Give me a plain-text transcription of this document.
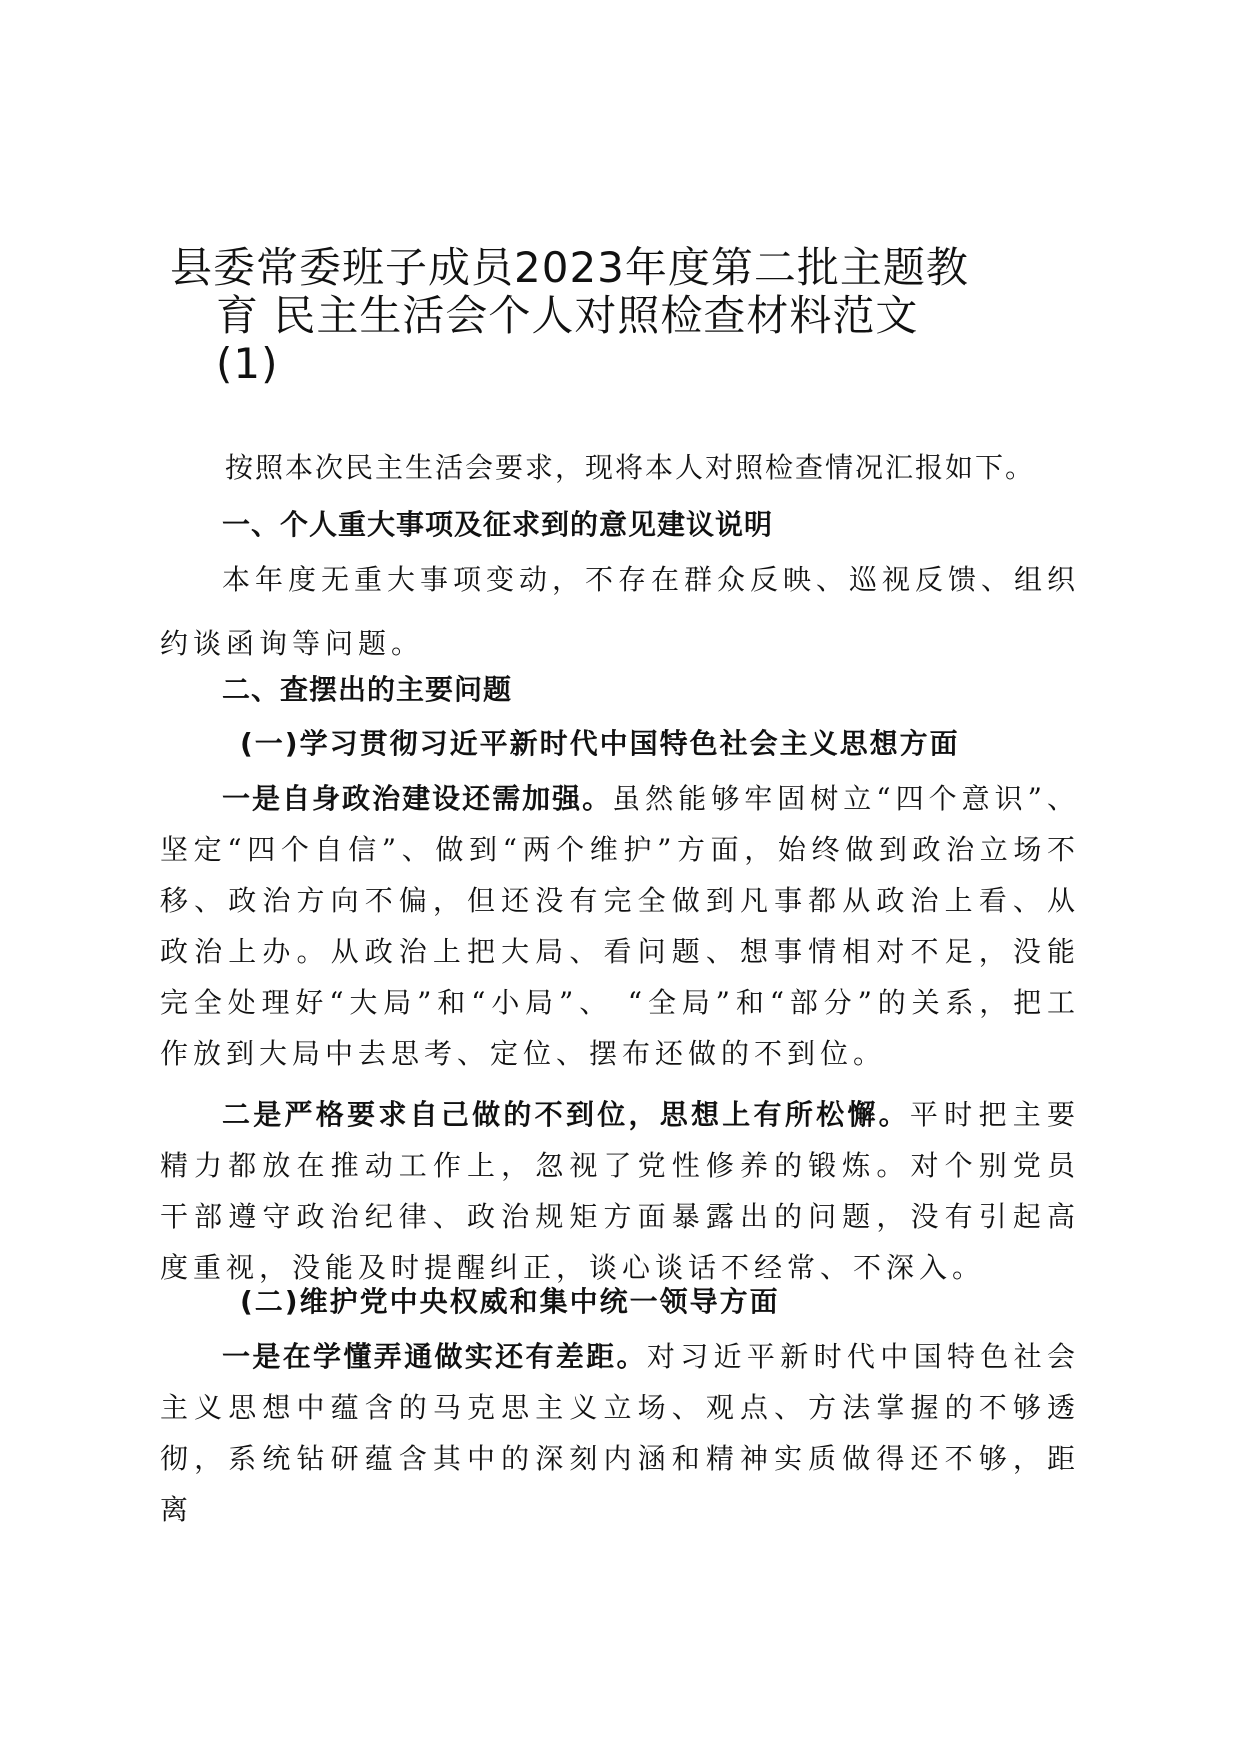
县委常委班子成员2023年度第二批主题教
育 民主生活会个人对照检查材料范文
(1)
按照本次民主生活会要求，现将本人对照检查情况汇报如下。
一、个人重大事项及征求到的意见建议说明
本年度无重大事项变动，不存在群众反映、巡视反馈、组织约谈函询等问题。
二、查摆出的主要问题
(一)学习贯彻习近平新时代中国特色社会主义思想方面
一是自身政治建设还需加强。虽然能够牢固树立“四个意识”、坚定“四个自信”、做到“两个维护”方面，始终做到政治立场不移、政治方向不偏，但还没有完全做到凡事都从政治上看、从政治上办。从政治上把大局、看问题、想事情相对不足，没能完全处理好“大局”和“小局”、 “全局”和“部分”的关系，把工作放到大局中去思考、定位、摆布还做的不到位。
二是严格要求自己做的不到位，思想上有所松懈。平时把主要精力都放在推动工作上，忽视了党性修养的锻炼。对个别党员干部遵守政治纪律、政治规矩方面暴露出的问题，没有引起高度重视，没能及时提醒纠正，谈心谈话不经常、不深入。
(二)维护党中央权威和集中统一领导方面
一是在学懂弄通做实还有差距。对习近平新时代中国特色社会主义思想中蕴含的马克思主义立场、观点、方法掌握的不够透彻，系统钻研蕴含其中的深刻内涵和精神实质做得还不够，距离
